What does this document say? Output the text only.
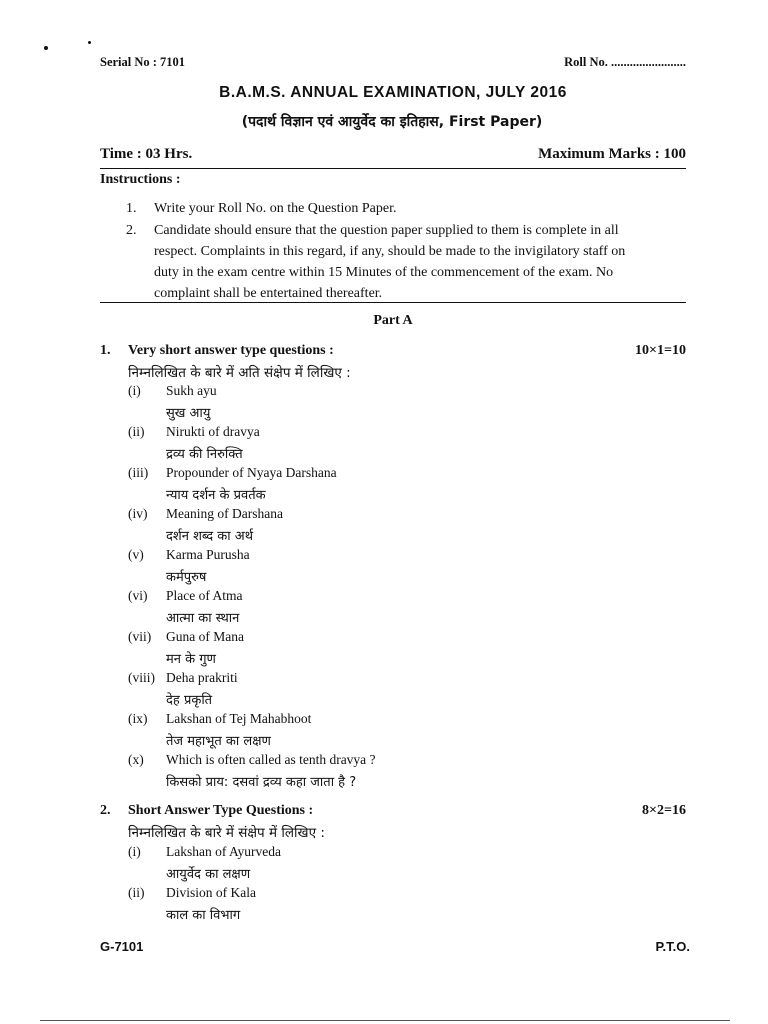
Serial No : 7101	Roll No. ........................
B.A.M.S. ANNUAL EXAMINATION, JULY 2016
(पदार्थ विज्ञान एवं आयुर्वेद का इतिहास, First Paper)
Time : 03 Hrs.	Maximum Marks : 100
Instructions :
1. Write your Roll No. on the Question Paper.
2. Candidate should ensure that the question paper supplied to them is complete in all
respect. Complaints in this regard, if any, should be made to the invigilatory staff on
duty in the exam centre within 15 Minutes of the commencement of the exam. No
complaint shall be entertained thereafter.
Part A
1. Very short answer type questions :	10×1=10
निम्नलिखित के बारे में अति संक्षेप में लिखिए :
(i)	Sukh ayu
सुख आयु
(ii)	Nirukti of dravya
द्रव्य की निरुक्ति
(iii)	Propounder of Nyaya Darshana
न्याय दर्शन के प्रवर्तक
(iv)	Meaning of Darshana
दर्शन शब्द का अर्थ
(v)	Karma Purusha
कर्मपुरुष
(vi)	Place of Atma
आत्मा का स्थान
(vii)	Guna of Mana
मन के गुण
(viii) Deha prakriti
देह प्रकृति
(ix)	Lakshan of Tej Mahabhoot
तेज महाभूत का लक्षण
(x)	Which is often called as tenth dravya ?
किसको प्राय: दसवां द्रव्य कहा जाता है ?
2. Short Answer Type Questions :	8×2=16
निम्नलिखित के बारे में संक्षेप में लिखिए :
(i)	Lakshan of Ayurveda
आयुर्वेद का लक्षण
(ii)	Division of Kala
काल का विभाग
G-7101	P.T.O.
